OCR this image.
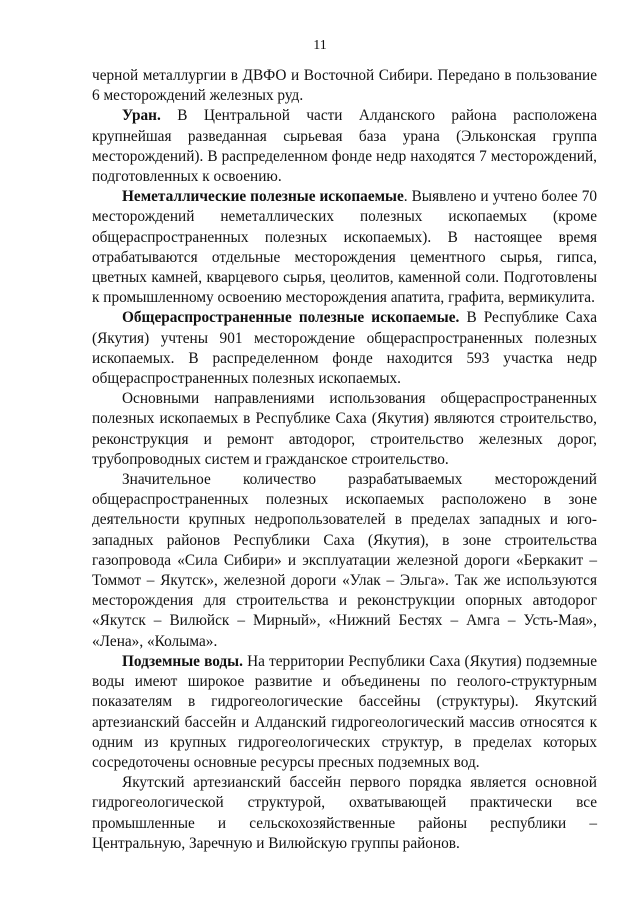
11

черной металлургии в ДВФО и Восточной Сибири. Передано в пользование 6 месторождений железных руд.

Уран. В Центральной части Алданского района расположена крупнейшая разведанная сырьевая база урана (Эльконская группа месторождений). В распределенном фонде недр находятся 7 месторождений, подготовленных к освоению.

Неметаллические полезные ископаемые. Выявлено и учтено более 70 месторождений неметаллических полезных ископаемых (кроме общераспространенных полезных ископаемых). В настоящее время отрабатываются отдельные месторождения цементного сырья, гипса, цветных камней, кварцевого сырья, цеолитов, каменной соли. Подготовлены к промышленному освоению месторождения апатита, графита, вермикулита.

Общераспространенные полезные ископаемые. В Республике Саха (Якутия) учтены 901 месторождение общераспространенных полезных ископаемых. В распределенном фонде находится 593 участка недр общераспространенных полезных ископаемых.

Основными направлениями использования общераспространенных полезных ископаемых в Республике Саха (Якутия) являются строительство, реконструкция и ремонт автодорог, строительство железных дорог, трубопроводных систем и гражданское строительство.

Значительное количество разрабатываемых месторождений общераспространенных полезных ископаемых расположено в зоне деятельности крупных недропользователей в пределах западных и юго-западных районов Республики Саха (Якутия), в зоне строительства газопровода «Сила Сибири» и эксплуатации железной дороги «Беркакит – Томмот – Якутск», железной дороги «Улак – Эльга». Так же используются месторождения для строительства и реконструкции опорных автодорог «Якутск – Вилюйск – Мирный», «Нижний Бестях – Амга – Усть-Мая», «Лена», «Колыма».

Подземные воды. На территории Республики Саха (Якутия) подземные воды имеют широкое развитие и объединены по геолого-структурным показателям в гидрогеологические бассейны (структуры). Якутский артезианский бассейн и Алданский гидрогеологический массив относятся к одним из крупных гидрогеологических структур, в пределах которых сосредоточены основные ресурсы пресных подземных вод.

Якутский артезианский бассейн первого порядка является основной гидрогеологической структурой, охватывающей практически все промышленные и сельскохозяйственные районы республики – Центральную, Заречную и Вилюйскую группы районов.
